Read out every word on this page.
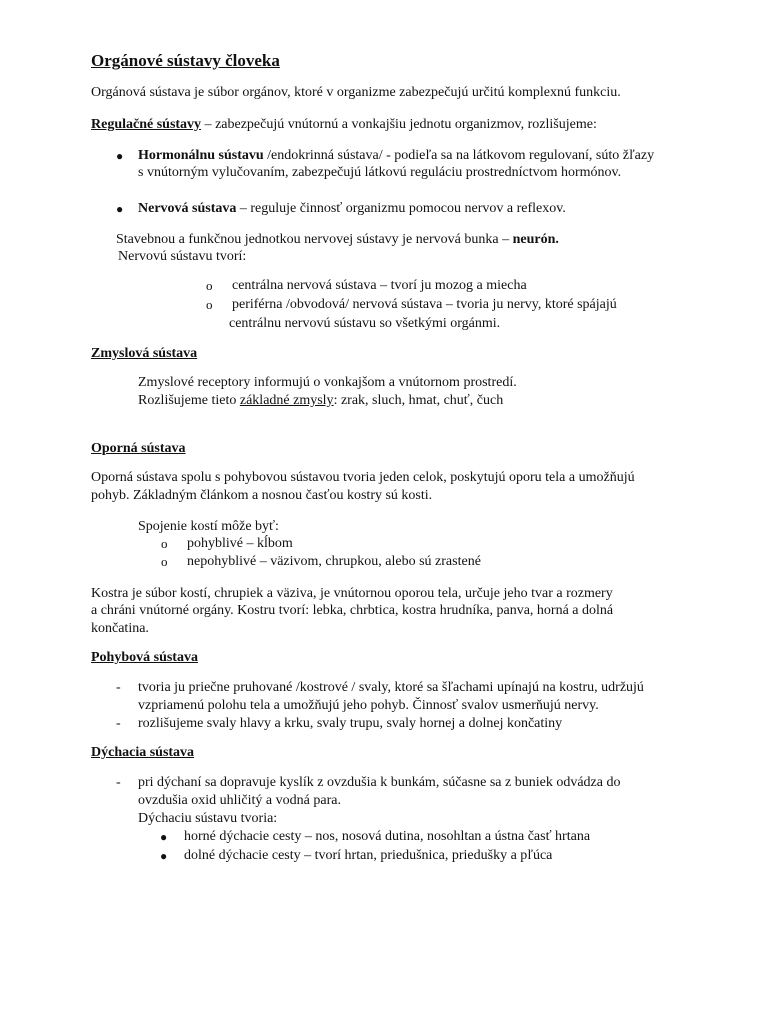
Orgánové sústavy človeka
Orgánová sústava je súbor orgánov, ktoré v organizme zabezpečujú určitú komplexnú funkciu.
Regulačné sústavy – zabezpečujú vnútornú a vonkajšiu jednotu organizmov, rozlišujeme:
● Hormonálnu sústavu /endokrinná sústava/ - podieľa sa na látkovom regulovaní, súto žľazy
s vnútorným vylučovaním, zabezpečujú látkovú reguláciu prostredníctvom hormónov.
● Nervová sústava – reguluje činnosť organizmu pomocou nervov a reflexov.
Stavebnou a funkčnou jednotkou nervovej sústavy je nervová bunka – neurón.
Nervovú sústavu tvorí:
o centrálna nervová sústava – tvorí ju mozog a miecha
o periférna /obvodová/ nervová sústava – tvoria ju nervy, ktoré spájajú
centrálnu nervovú sústavu so všetkými orgánmi.
Zmyslová sústava
Zmyslové receptory informujú o vonkajšom a vnútornom prostredí.
Rozlišujeme tieto základné zmysly: zrak, sluch, hmat, chuť, čuch
Oporná sústava
Oporná sústava spolu s pohybovou sústavou tvoria jeden celok, poskytujú oporu tela a umožňujú
pohyb. Základným článkom a nosnou časťou kostry sú kosti.
Spojenie kostí môže byť:
o pohyblivé – kĺbom
o nepohyblivé – väzivom, chrupkou, alebo sú zrastené
Kostra je súbor kostí, chrupiek a väziva, je vnútornou oporou tela, určuje jeho tvar a rozmery
a chráni vnútorné orgány. Kostru tvorí: lebka, chrbtica, kostra hrudníka, panva, horná a dolná
končatina.
Pohybová sústava
- tvoria ju priečne pruhované /kostrové / svaly, ktoré sa šľachami upínajú na kostru, udržujú
vzpriamenú polohu tela a umožňujú jeho pohyb. Činnosť svalov usmerňujú nervy.
- rozlišujeme svaly hlavy a krku, svaly trupu, svaly hornej a dolnej končatiny
Dýchacia sústava
- pri dýchaní sa dopravuje kyslík z ovzdušia k bunkám, súčasne sa z buniek odvádza do
ovzdušia oxid uhličitý a vodná para.
Dýchaciu sústavu tvoria:
● horné dýchacie cesty – nos, nosová dutina, nosohltan a ústna časť hrtana
● dolné dýchacie cesty – tvorí hrtan, priedušnica, priedušky a pľúca
